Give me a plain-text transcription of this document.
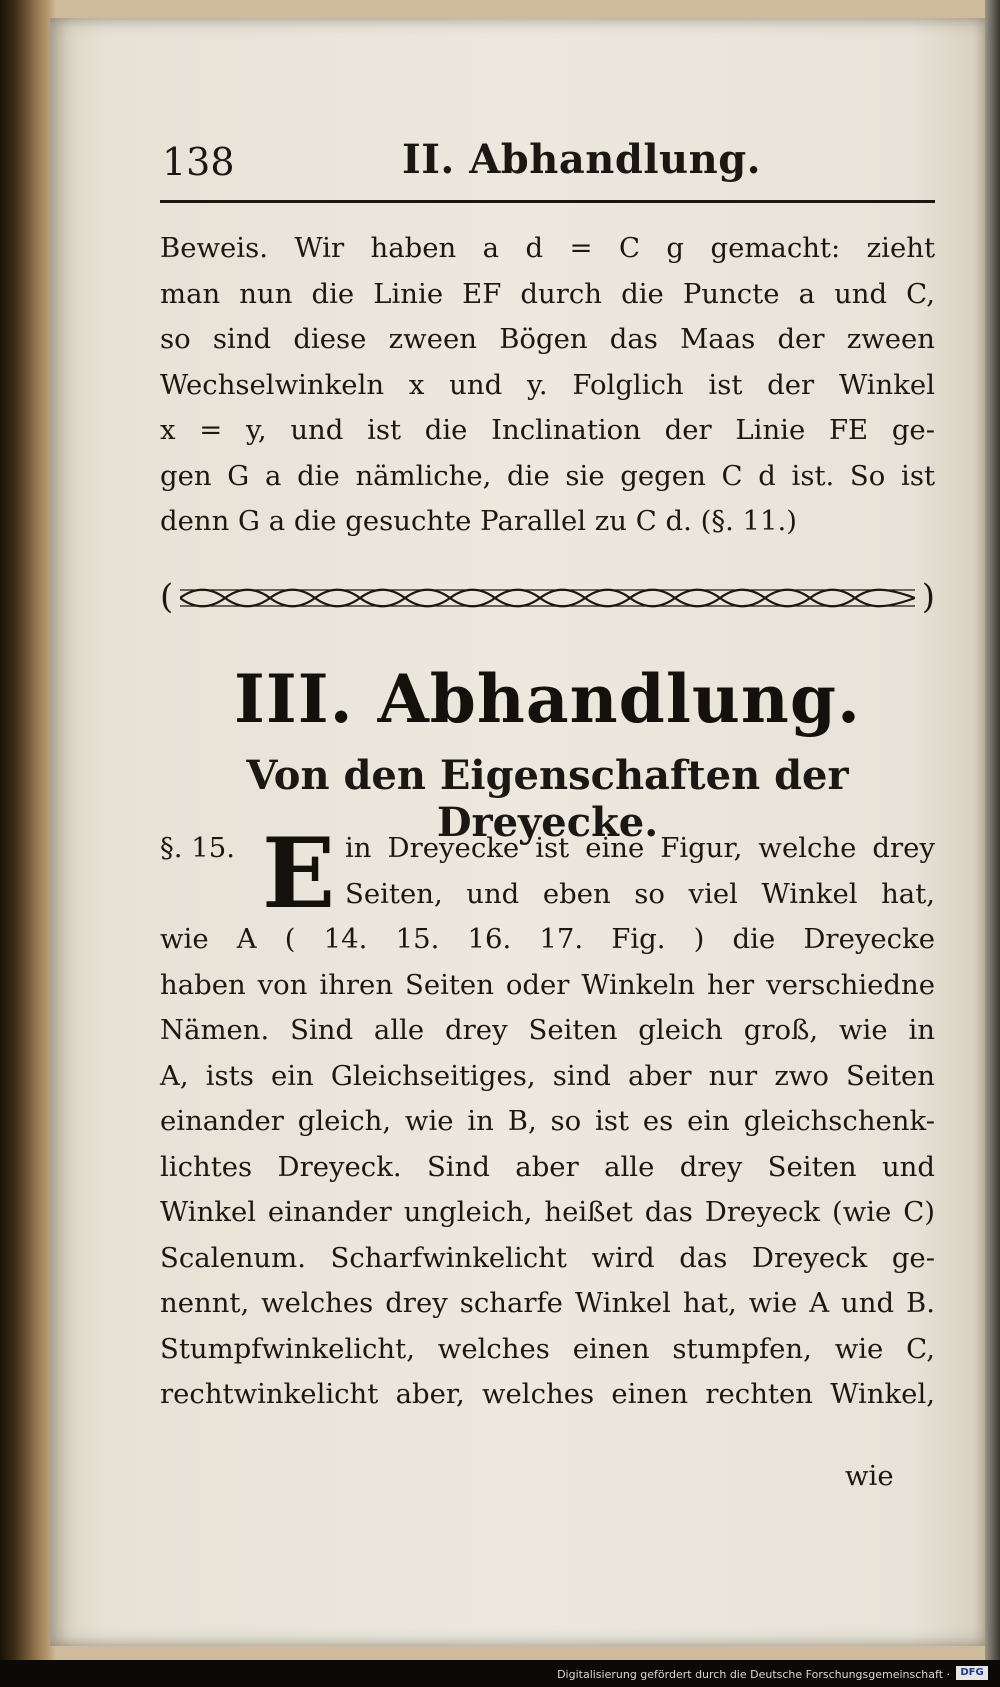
138	II. Abhandlung.
Beweis. Wir haben a d = C g gemacht: zieht
man nun die Linie EF durch die Puncte a und C,
so sind diese zween Bögen das Maas der zween
Wechselwinkeln x und y. Folglich ist der Winkel
x = y, und ist die Inclination der Linie FE ge-
gen G a die nämliche, die sie gegen C d ist. So ist
denn G a die gesuchte Parallel zu C d. (§. 11.)
(	)
III. Abhandlung.
Von den Eigenschaften der Dreyecke.
in Dreyecke ist eine Figur, welche drey
Seiten, und eben so viel Winkel hat,
wie A ( 14. 15. 16. 17. Fig. ) die Dreyecke
haben von ihren Seiten oder Winkeln her verschiedne
Nämen. Sind alle drey Seiten gleich groß, wie in
A, ists ein Gleichseitiges, sind aber nur zwo Seiten
einander gleich, wie in B, so ist es ein gleichschenk-
lichtes Dreyeck. Sind aber alle drey Seiten und
Winkel einander ungleich, heißet das Dreyeck (wie C)
Scalenum. Scharfwinkelicht wird das Dreyeck ge-
nennt, welches drey scharfe Winkel hat, wie A und B.
Stumpfwinkelicht, welches einen stumpfen, wie C,
rechtwinkelicht aber, welches einen rechten Winkel,
§. 15. E
wie
Digitalisierung gefördert durch die Deutsche Forschungsgemeinschaft ·	DFG
